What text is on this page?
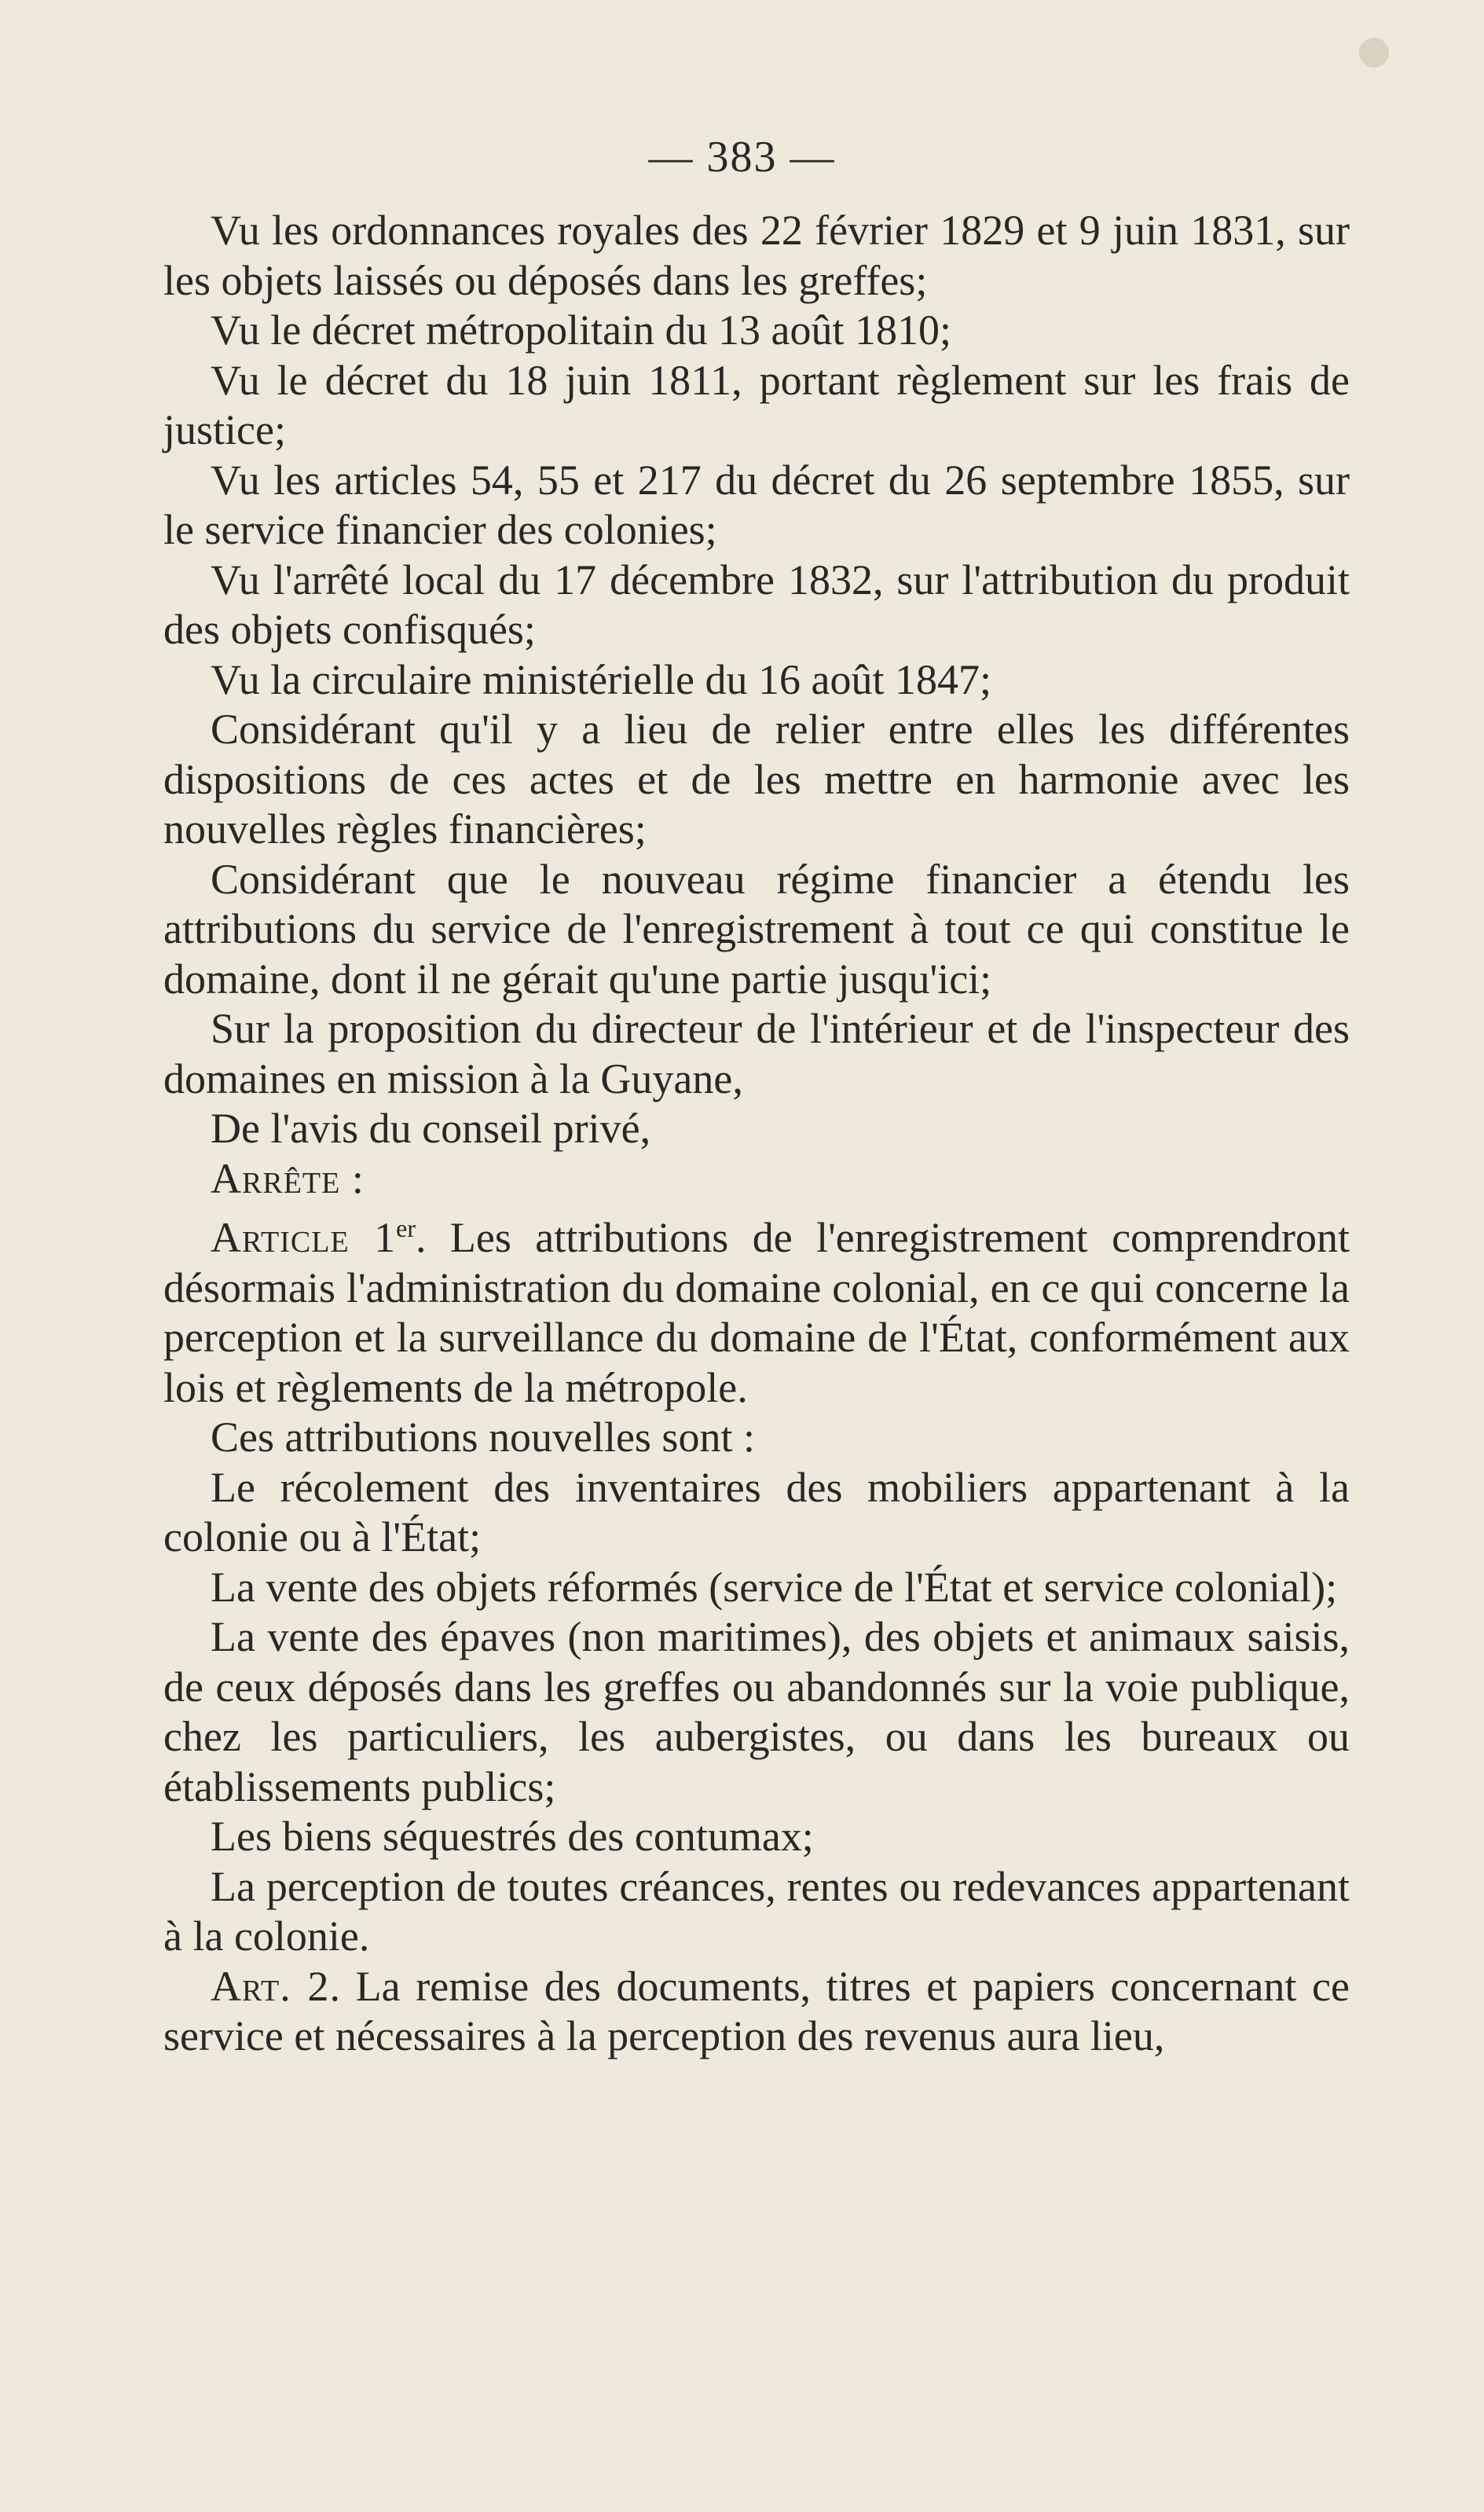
— 383 —

Vu les ordonnances royales des 22 février 1829 et 9 juin 1831, sur les objets laissés ou déposés dans les greffes;

Vu le décret métropolitain du 13 août 1810;

Vu le décret du 18 juin 1811, portant règlement sur les frais de justice;

Vu les articles 54, 55 et 217 du décret du 26 septembre 1855, sur le service financier des colonies;

Vu l'arrêté local du 17 décembre 1832, sur l'attribution du produit des objets confisqués;

Vu la circulaire ministérielle du 16 août 1847;

Considérant qu'il y a lieu de relier entre elles les différentes dispositions de ces actes et de les mettre en harmonie avec les nouvelles règles financières;

Considérant que le nouveau régime financier a étendu les attributions du service de l'enregistrement à tout ce qui constitue le domaine, dont il ne gérait qu'une partie jusqu'ici;

Sur la proposition du directeur de l'intérieur et de l'inspecteur des domaines en mission à la Guyane,

De l'avis du conseil privé,

Arrête :

Article 1er. Les attributions de l'enregistrement comprendront désormais l'administration du domaine colonial, en ce qui concerne la perception et la surveillance du domaine de l'État, conformément aux lois et règlements de la métropole.

Ces attributions nouvelles sont :

Le récolement des inventaires des mobiliers appartenant à la colonie ou à l'État;

La vente des objets réformés (service de l'État et service colonial);

La vente des épaves (non maritimes), des objets et animaux saisis, de ceux déposés dans les greffes ou abandonnés sur la voie publique, chez les particuliers, les aubergistes, ou dans les bureaux ou établissements publics;

Les biens séquestrés des contumax;

La perception de toutes créances, rentes ou redevances appartenant à la colonie.

Art. 2. La remise des documents, titres et papiers concernant ce service et nécessaires à la perception des revenus aura lieu,
